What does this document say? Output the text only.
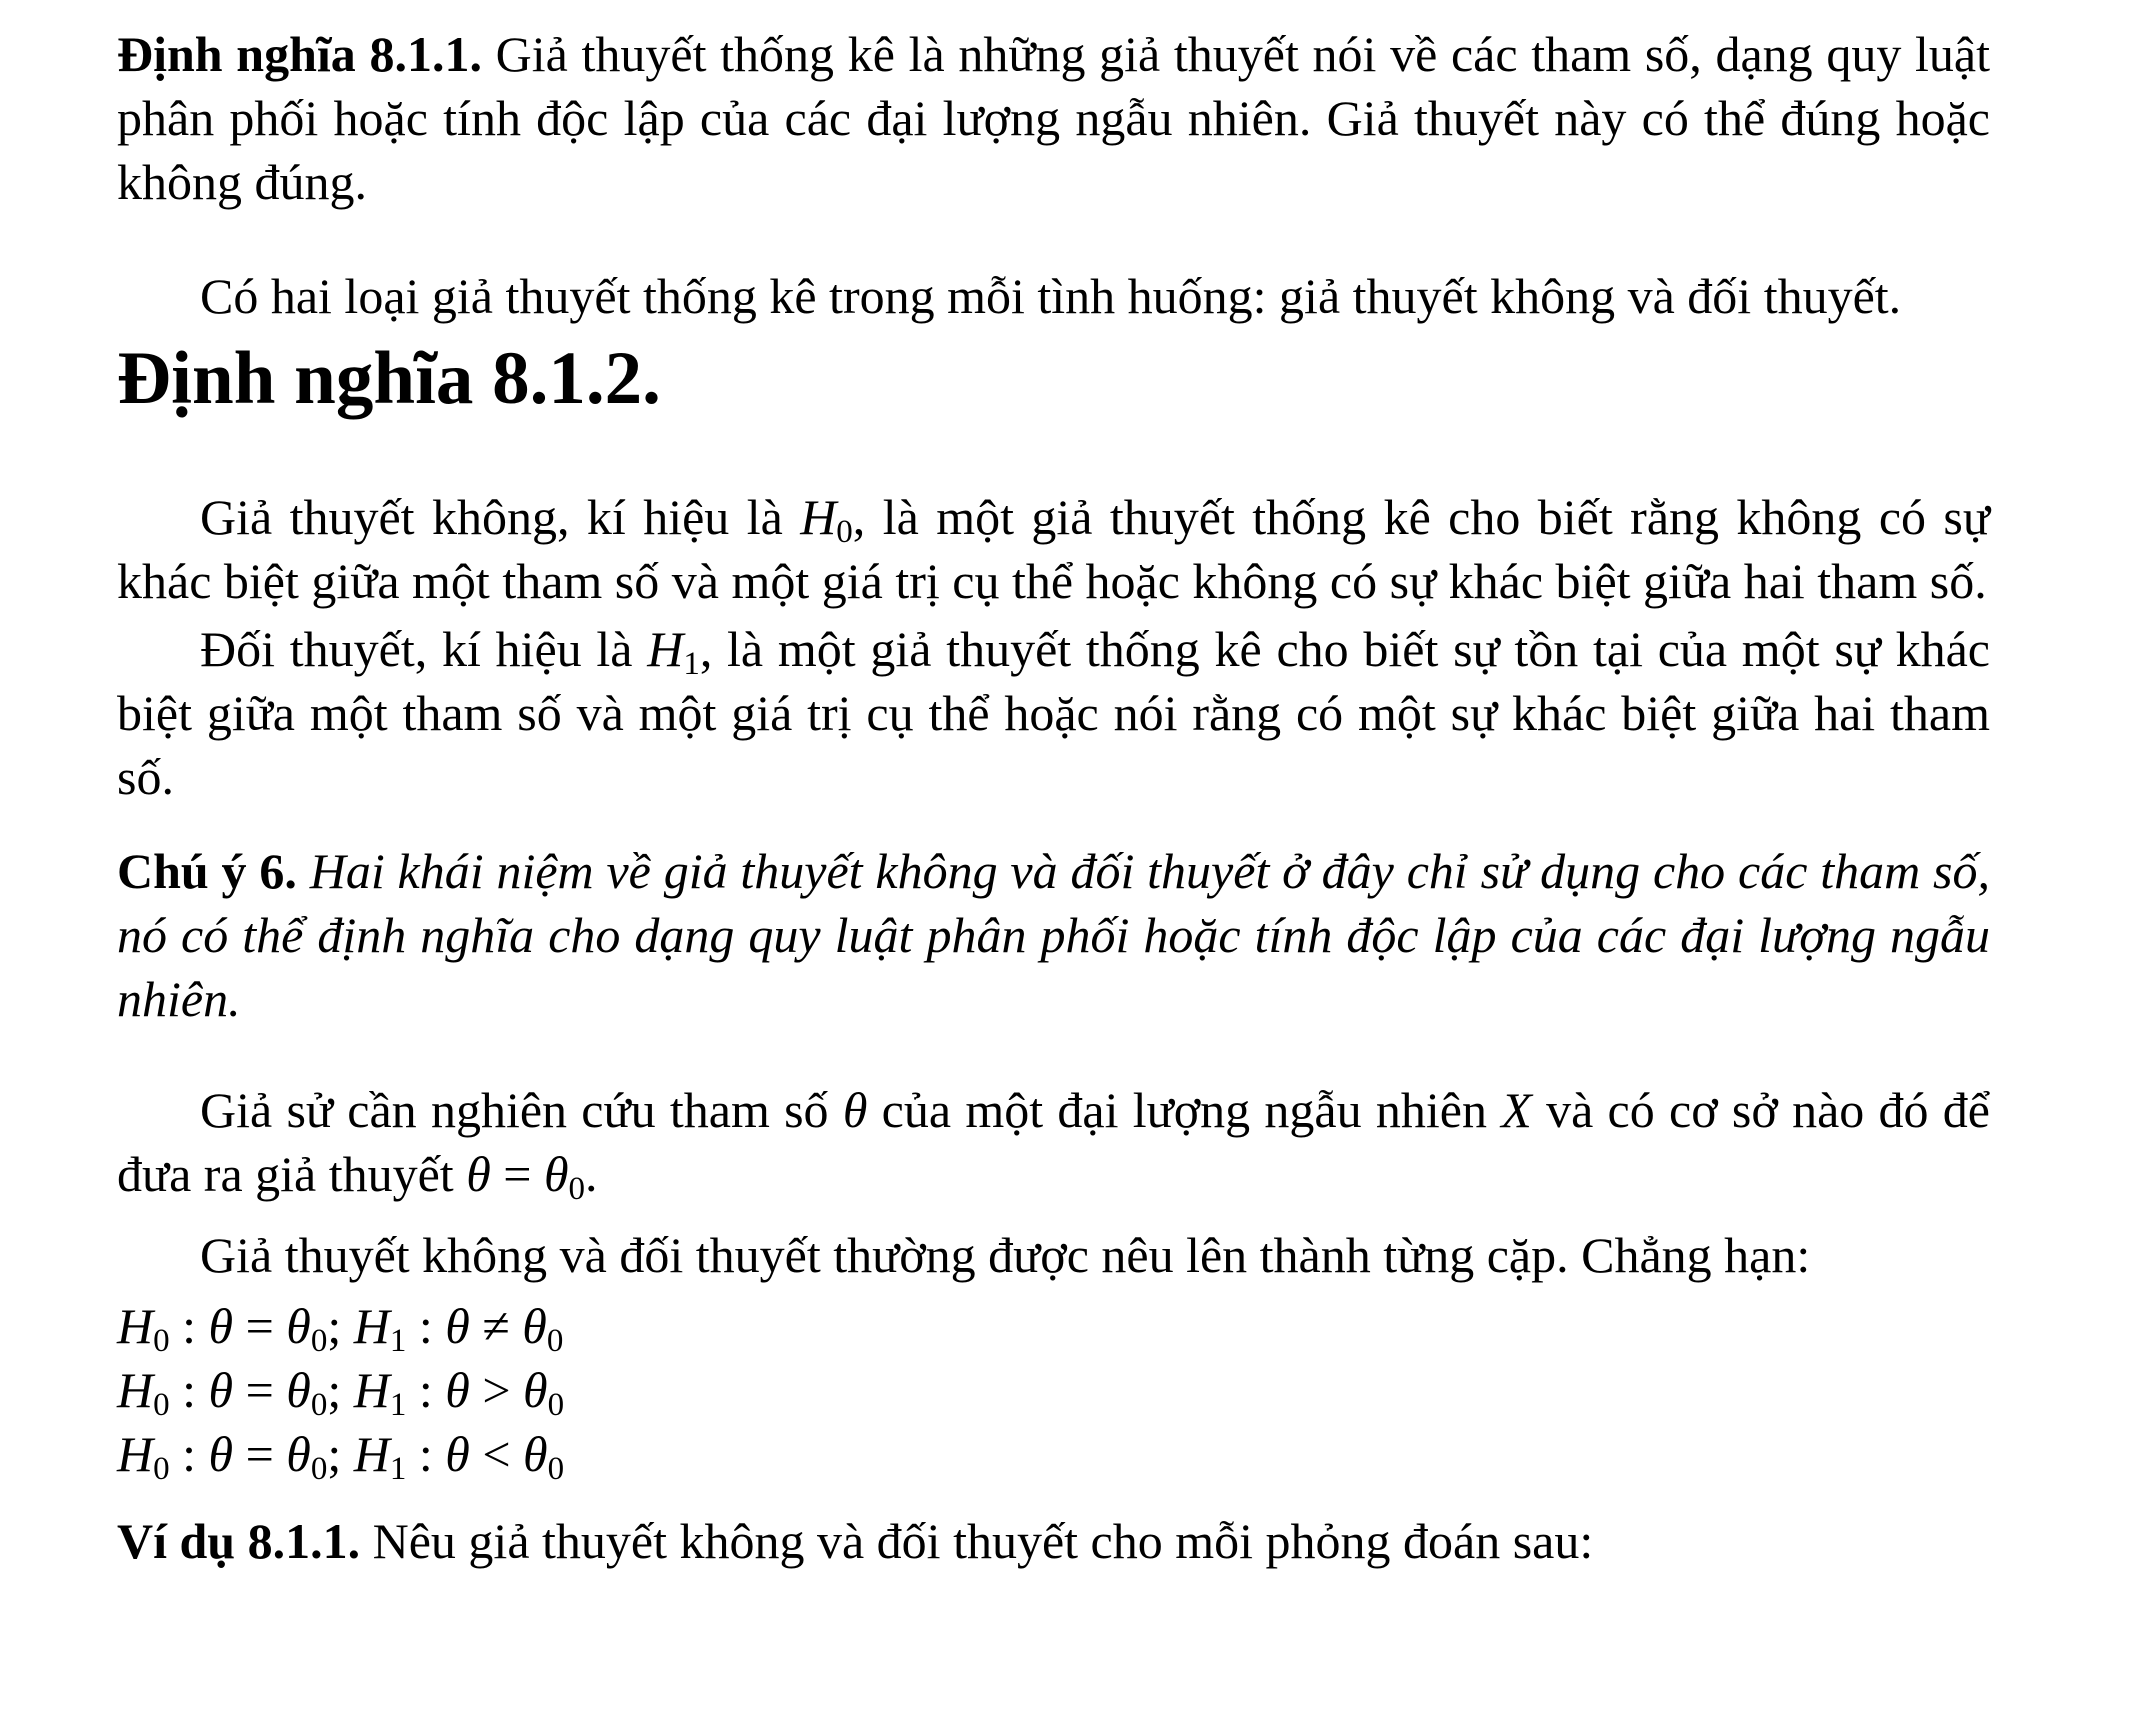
Định nghĩa 8.1.1. Giả thuyết thống kê là những giả thuyết nói về các tham số, dạng quy luật phân phối hoặc tính độc lập của các đại lượng ngẫu nhiên. Giả thuyết này có thể đúng hoặc không đúng.

Có hai loại giả thuyết thống kê trong mỗi tình huống: giả thuyết không và đối thuyết.

Định nghĩa 8.1.2.

Giả thuyết không, kí hiệu là $H_0$, là một giả thuyết thống kê cho biết rằng không có sự khác biệt giữa một tham số và một giá trị cụ thể hoặc không có sự khác biệt giữa hai tham số.

Đối thuyết, kí hiệu là $H_1$, là một giả thuyết thống kê cho biết sự tồn tại của một sự khác biệt giữa một tham số và một giá trị cụ thể hoặc nói rằng có một sự khác biệt giữa hai tham số.

Chú ý 6. Hai khái niệm về giả thuyết không và đối thuyết ở đây chỉ sử dụng cho các tham số, nó có thể định nghĩa cho dạng quy luật phân phối hoặc tính độc lập của các đại lượng ngẫu nhiên.

Giả sử cần nghiên cứu tham số θ của một đại lượng ngẫu nhiên X và có cơ sở nào đó để đưa ra giả thuyết $\theta = \theta_0$.

Giả thuyết không và đối thuyết thường được nêu lên thành từng cặp. Chẳng hạn:

$H_0$ : $\theta = \theta_0$; $H_1$ : $\theta \ne \theta_0$
$H_0$ : $\theta = \theta_0$; $H_1$ : $\theta > \theta_0$
$H_0$ : $\theta = \theta_0$; $H_1$ : $\theta < \theta_0$

Ví dụ 8.1.1. Nêu giả thuyết không và đối thuyết cho mỗi phỏng đoán sau:
